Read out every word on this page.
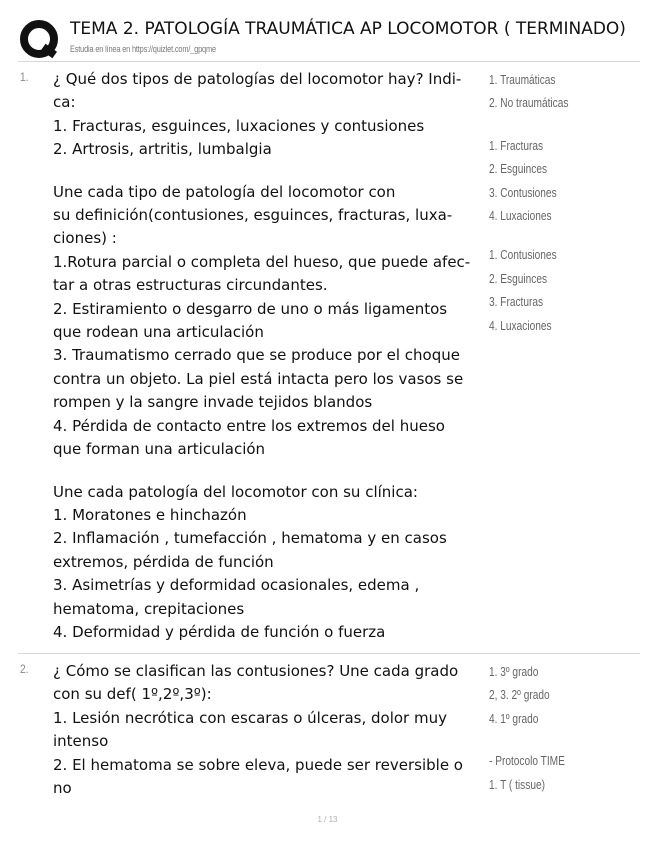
TEMA 2. PATOLOGÍA TRAUMÁTICA AP LOCOMOTOR ( TERMINADO)
Estudia en línea en https://quizlet.com/_gpqme
1. ¿ Qué dos tipos de patologías del locomotor hay? Indi-

ca:

1. Fracturas, esguinces, luxaciones y contusiones

2. Artrosis, artritis, lumbalgia

Une cada tipo de patología del locomotor con

su definición(contusiones, esguinces, fracturas, luxa-

ciones) :

1.Rotura parcial o completa del hueso, que puede afec-

tar a otras estructuras circundantes.

2. Estiramiento o desgarro de uno o más ligamentos

que rodean una articulación

3. Traumatismo cerrado que se produce por el choque

contra un objeto. La piel está intacta pero los vasos se

rompen y la sangre invade tejidos blandos

4. Pérdida de contacto entre los extremos del hueso

que forman una articulación

Une cada patología del locomotor con su clínica:

1. Moratones e hinchazón

2. Inflamación , tumefacción , hematoma y en casos

extremos, pérdida de función

3. Asimetrías y deformidad ocasionales, edema ,

hematoma, crepitaciones

4. Deformidad y pérdida de función o fuerza

1. Traumáticas
2. No traumáticas
1. Fracturas
2. Esguinces
3. Contusiones
4. Luxaciones
1. Contusiones
2. Esguinces
3. Fracturas
4. Luxaciones
2. ¿ Cómo se clasifican las contusiones? Une cada grado

con su def( 1º,2º,3º):

1. Lesión necrótica con escaras o úlceras, dolor muy

intenso

2. El hematoma se sobre eleva, puede ser reversible o

no

1. 3º grado
2, 3. 2º grado
4. 1º grado
- Protocolo TIME
1. T ( tissue)
1 / 13
